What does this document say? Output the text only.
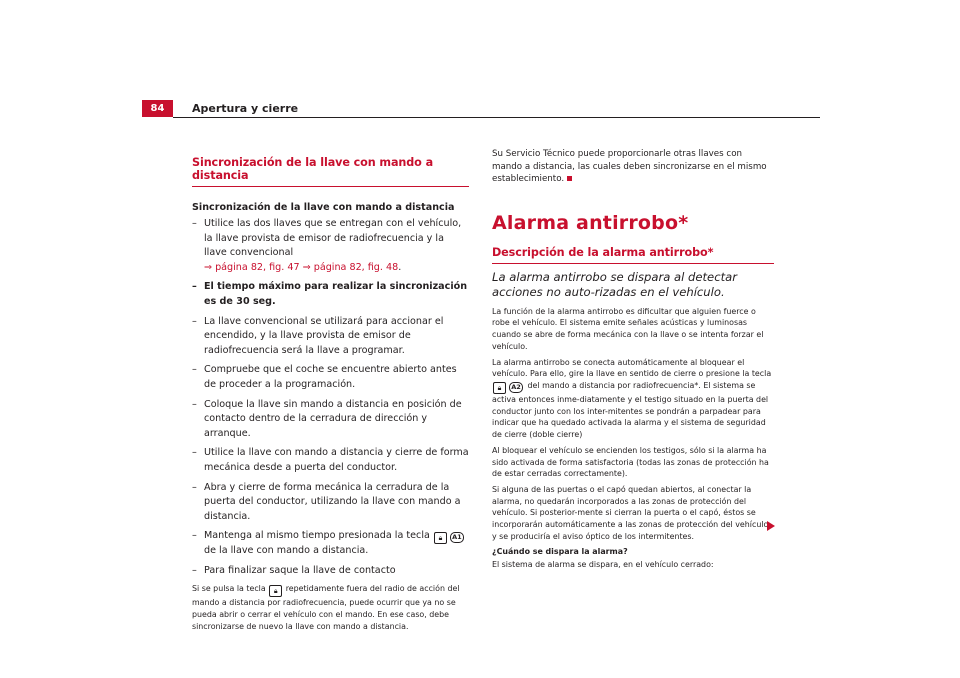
84	Apertura y cierre
Sincronización de la llave con mando a distancia
Sincronización de la llave con mando a distancia
– Utilice las dos llaves que se entregan con el vehículo, la llave provista de emisor de radiofrecuencia y la llave convencional
⇒ página 82, fig. 47 ⇒ página 82, fig. 48.
– El tiempo máximo para realizar la sincronización es de 30 seg.
– La llave convencional se utilizará para accionar el encendido, y la llave provista de emisor de radiofrecuencia será la llave a programar.
– Compruebe que el coche se encuentre abierto antes de proceder a la programación.
– Coloque la llave sin mando a distancia en posición de contacto dentro de la cerradura de dirección y arranque.
– Utilice la llave con mando a distancia y cierre de forma mecánica desde a puerta del conductor.
– Abra y cierre de forma mecánica la cerradura de la puerta del conductor, utilizando la llave con mando a distancia.
– Mantenga al mismo tiempo presionada la tecla 🔒︎ A1 de la llave con mando a distancia.
– Para finalizar saque la llave de contacto
Si se pulsa la tecla 🔒︎ repetidamente fuera del radio de acción del mando a distancia por radiofrecuencia, puede ocurrir que ya no se pueda abrir o cerrar el vehículo con el mando. En ese caso, debe sincronizarse de nuevo la llave con mando a distancia.
Su Servicio Técnico puede proporcionarle otras llaves con mando a distancia, las cuales deben sincronizarse en el mismo establecimiento.
Alarma antirrobo*
Descripción de la alarma antirrobo*
La alarma antirrobo se dispara al detectar acciones no auto-rizadas en el vehículo.

La función de la alarma antirrobo es dificultar que alguien fuerce o robe el vehículo. El sistema emite señales acústicas y luminosas cuando se abre de forma mecánica con la llave o se intenta forzar el vehículo.

La alarma antirrobo se conecta automáticamente al bloquear el vehículo. Para ello, gire la llave en sentido de cierre o presione la tecla 🔒︎ A2 del mando a distancia por radiofrecuencia*. El sistema se activa entonces inme-diatamente y el testigo situado en la puerta del conductor junto con los inter-mitentes se pondrán a parpadear para indicar que ha quedado activada la alarma y el sistema de seguridad de cierre (doble cierre)

Al bloquear el vehículo se encienden los testigos, sólo si la alarma ha sido activada de forma satisfactoria (todas las zonas de protección ha de estar cerradas correctamente).

Si alguna de las puertas o el capó quedan abiertos, al conectar la alarma, no quedarán incorporados a las zonas de protección del vehículo. Si posterior-mente si cierran la puerta o el capó, éstos se incorporarán automáticamente a las zonas de protección del vehículo y se produciría el aviso óptico de los intermitentes.

¿Cuándo se dispara la alarma?

El sistema de alarma se dispara, en el vehículo cerrado:
